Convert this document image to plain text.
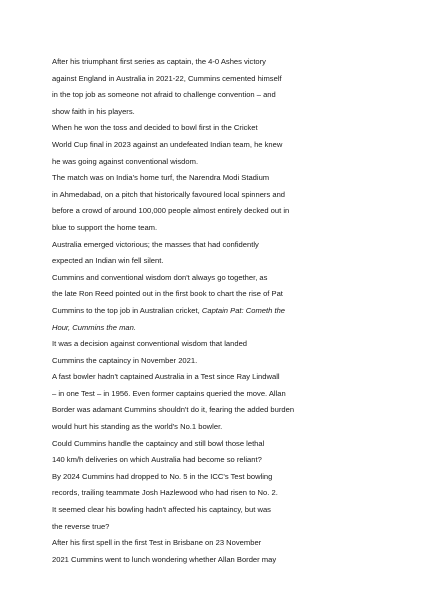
After his triumphant first series as captain, the 4-0 Ashes victory
against England in Australia in 2021-22, Cummins cemented himself
in the top job as someone not afraid to challenge convention – and
show faith in his players.
When he won the toss and decided to bowl first in the Cricket
World Cup final in 2023 against an undefeated Indian team, he knew
he was going against conventional wisdom.
The match was on India's home turf, the Narendra Modi Stadium
in Ahmedabad, on a pitch that historically favoured local spinners and
before a crowd of around 100,000 people almost entirely decked out in
blue to support the home team.
Australia emerged victorious; the masses that had confidently
expected an Indian win fell silent.
Cummins and conventional wisdom don't always go together, as
the late Ron Reed pointed out in the first book to chart the rise of Pat
Cummins to the top job in Australian cricket, Captain Pat: Cometh the
Hour, Cummins the man.
It was a decision against conventional wisdom that landed
Cummins the captaincy in November 2021.
A fast bowler hadn't captained Australia in a Test since Ray Lindwall
– in one Test – in 1956. Even former captains queried the move. Allan
Border was adamant Cummins shouldn't do it, fearing the added burden
would hurt his standing as the world's No.1 bowler.
Could Cummins handle the captaincy and still bowl those lethal
140 km/h deliveries on which Australia had become so reliant?
By 2024 Cummins had dropped to No. 5 in the ICC's Test bowling
records, trailing teammate Josh Hazlewood who had risen to No. 2.
It seemed clear his bowling hadn't affected his captaincy, but was
the reverse true?
After his first spell in the first Test in Brisbane on 23 November
2021 Cummins went to lunch wondering whether Allan Border may
